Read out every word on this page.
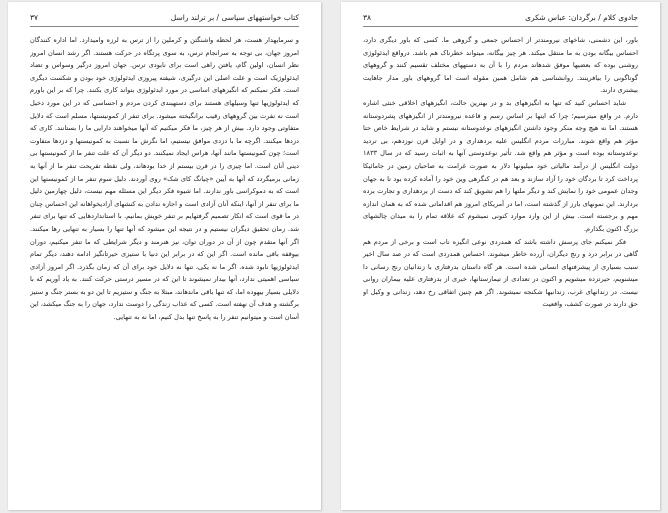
۳۷	کتاب خواستههای سیاسی / بر ترلند راسل

و سرمایهدار هست، هر لحظه واشنگتن و کرملین را از ترس به لرزه وامیدارد. اما اداره کنندگان امروز جهان، بی توجه به سرانجام ترس، به سوی پرتگاه در حرکت هستند. اگر رشد انسان امروز نظر انسان، اولین گام، یافتن راهی است برای نابودی ترس. جهان امروز درگیر وسواس و تضاد ایدئولوژیک است و علت اصلی این درگیری، شیفته پیروزی ایدئولوژی خود بودن و شکست دیگری است. فکر نمیکنم که انگیزههای اساسی در مورد ایدئولوژی بتواند کاری بکنند. چرا که بر این باورم که ایدئولوژیها تنها وسیلهای هستند برای دستهبندی کردن مردم و احساسی که در این مورد دخیل است نه نفرت بین گروههای رقیب برانگیخته میشود. برای تنفر از کمونیستها، مسلم است که دلایل متفاوتی وجود دارد. بیش از هر چیز، ما فکر میکنیم که آنها میخواهند دارایی ما را بستانند. کاری که دزدها میکنند. اگرچه ما با دزدی موافق نیستیم، اما نگرش ما نسبت به کمونیستها و دزدها متفاوت است؛ چون کمونیستها مانند آنها، هراس ایجاد نمیکنند. دو دیگر آن که علت تنفر ما از کمونیستها بی دینی آنان است. اما چیزی را در قرن بیستم از خدا بودهاند، ولی نقطه تفریحت تنفر ما از آنها به زمانی برمیگردد که آنها به آیین «چیانگ کای شک» روی آوردند. دلیل سوم تنفر ما از کمونیستها این است که به دموکراسی باور ندارند. اما شیوه فکر دیگر این مسئله مهم نیست، دلیل چهارمین دلیل ما برای تنفر از آنها، اینکه آنان آزادی است و اجازه ندادن به کنشهای آزادیخواهانه این احساس چنان در ما قوی است که انکار تصمیم گرفتهایم بر تنفر خویش بمانیم. با استانداردهایی که تنها برای تنفر شد. زمان تحقیق دیگران نیستیم و در نتیجه این میشود که آنها تنها را بسیار به تنهایی رها میکنند. اگر آنها متقدم چون از آن در دوران توان، نیز هنرمند و دیگر شرایطی که ما تنفر میکنیم، دوران بیوقفه باقی مانده است. اگر این که در برابر این دنیا با ستیزی حیرتانگیز ادامه دهند، دیگر تمام ایدئولوژیها نابود شده. اگر ما نه یکی، تنها نه دلایل خود برای آن که زمان بگذرد. اگر امروز آزادی سیاسی اهمیتی ندارد، آنها بیدار نمیشوند تا این که در مسیر درستی حرکت کنند. به یاد آوریم که با دلایلی بسیار بیهوده اما، که تنها باقی ماندهاند، مبتلا به جنگ و ستیزیم تا این دو به بستر جنگ و ستیز برگشته و هدف آن نهفته است. کسی که عذاب زندگی را دوست ندارد، جهان را به جنگ میکشد، این آسان است و میتوانیم تنفر را به پاسخ تنها بدل کنیم، اما نه به تنهایی.

۳۸	جادوی کلام / برگردان: عباس شکری

باور، این دشمنی، شاخهای نیرومندتر از احساس جمعی و گروهی ما. کسی که باور دیگری دارد، احساس بیگانه بودن به ما منتقل میکند. هر چیز بیگانه، میتواند خطرناک هم باشد. درواقع ایدئولوژی روشنی بوده که بعضیها موفق شدهاند مردم را با آن به دستههای مختلف تقسیم کنند و گروههای گوناگونی را بیافرینند. روانشناسی هم شامل همین مقوله است اما گروههای باور مدار جاهایت بیشتری دارند.

شاید احساس کنید که تنها به انگیزههای بد و در بهترین حالت، انگیزههای اخلاقی خنثی اشاره دارم. در واقع میترسیم؛ چرا که اینها بر اساس رسم و قاعده نیرومندتر از انگیزههای پشردوستانه هستند. اما نه هیچ وجه منکر وجود داشتن انگیزههای نوعدوستانه نیستم و شاید در شرایط خاص حتا مؤثر هم واقع شوند. مبارزات مردم انگلیس علیه بردهداری و در اوایل قرن نوزدهم، بی تردید نوعدوستانه بوده است و مؤثر هم واقع شد. تأثیر نوعدوستی آنها به اثبات رسید که در سال ۱۸۳۳ دولت انگلیس از درآمد مالیاتی خود میلیونها دلار به صورت غرامت به صاحبان زمین در جامائیکا پرداخت کرد تا بردگان خود را آزاد سازند و بعد هم در کنگرهی وین خود را آماده کرده بود تا به جهان وجدان عمومی خود را نمایش کند و دیگر ملتها را هم تشویق کند که دست از بردهداری و تجارت برده بردارند. این نمونهای بارز از گذشته است، اما در آمریکای امروز هم اقداماتی شده که به همان اندازه مهم و برجسته است. بیش از این وارد موارد کنونی نمیشوم که علاقه تمام را به میدان چالشهای بزرگ اکنون بگذارم.

فکر نمیکنم جای پرسش داشته باشد که همدردی نوعی انگیزه ناب است و برخی از مردم هم گاهی در برابر درد و رنج دیگران، آزرده خاطر میشوند. احساس همدردی است که در صد سال اخیر سبب بسیاری از پیشرفتهای انسانی شده است. هر گاه داستان بدرفتاری با زندانیان رنج رسانی دا میشنویم، حیرتزده میشویم و اکنون در تعدادی از تیمارستانها، خبری از بدرفتاری علیه بیماران روانی نیست. در زندانهای غرب، زندانیها شکنجه نمیشوند. اگر هم چنین اتفاقی رخ دهد، زندانی و وکیل او حق دارند در صورت کشف، واقعیت
